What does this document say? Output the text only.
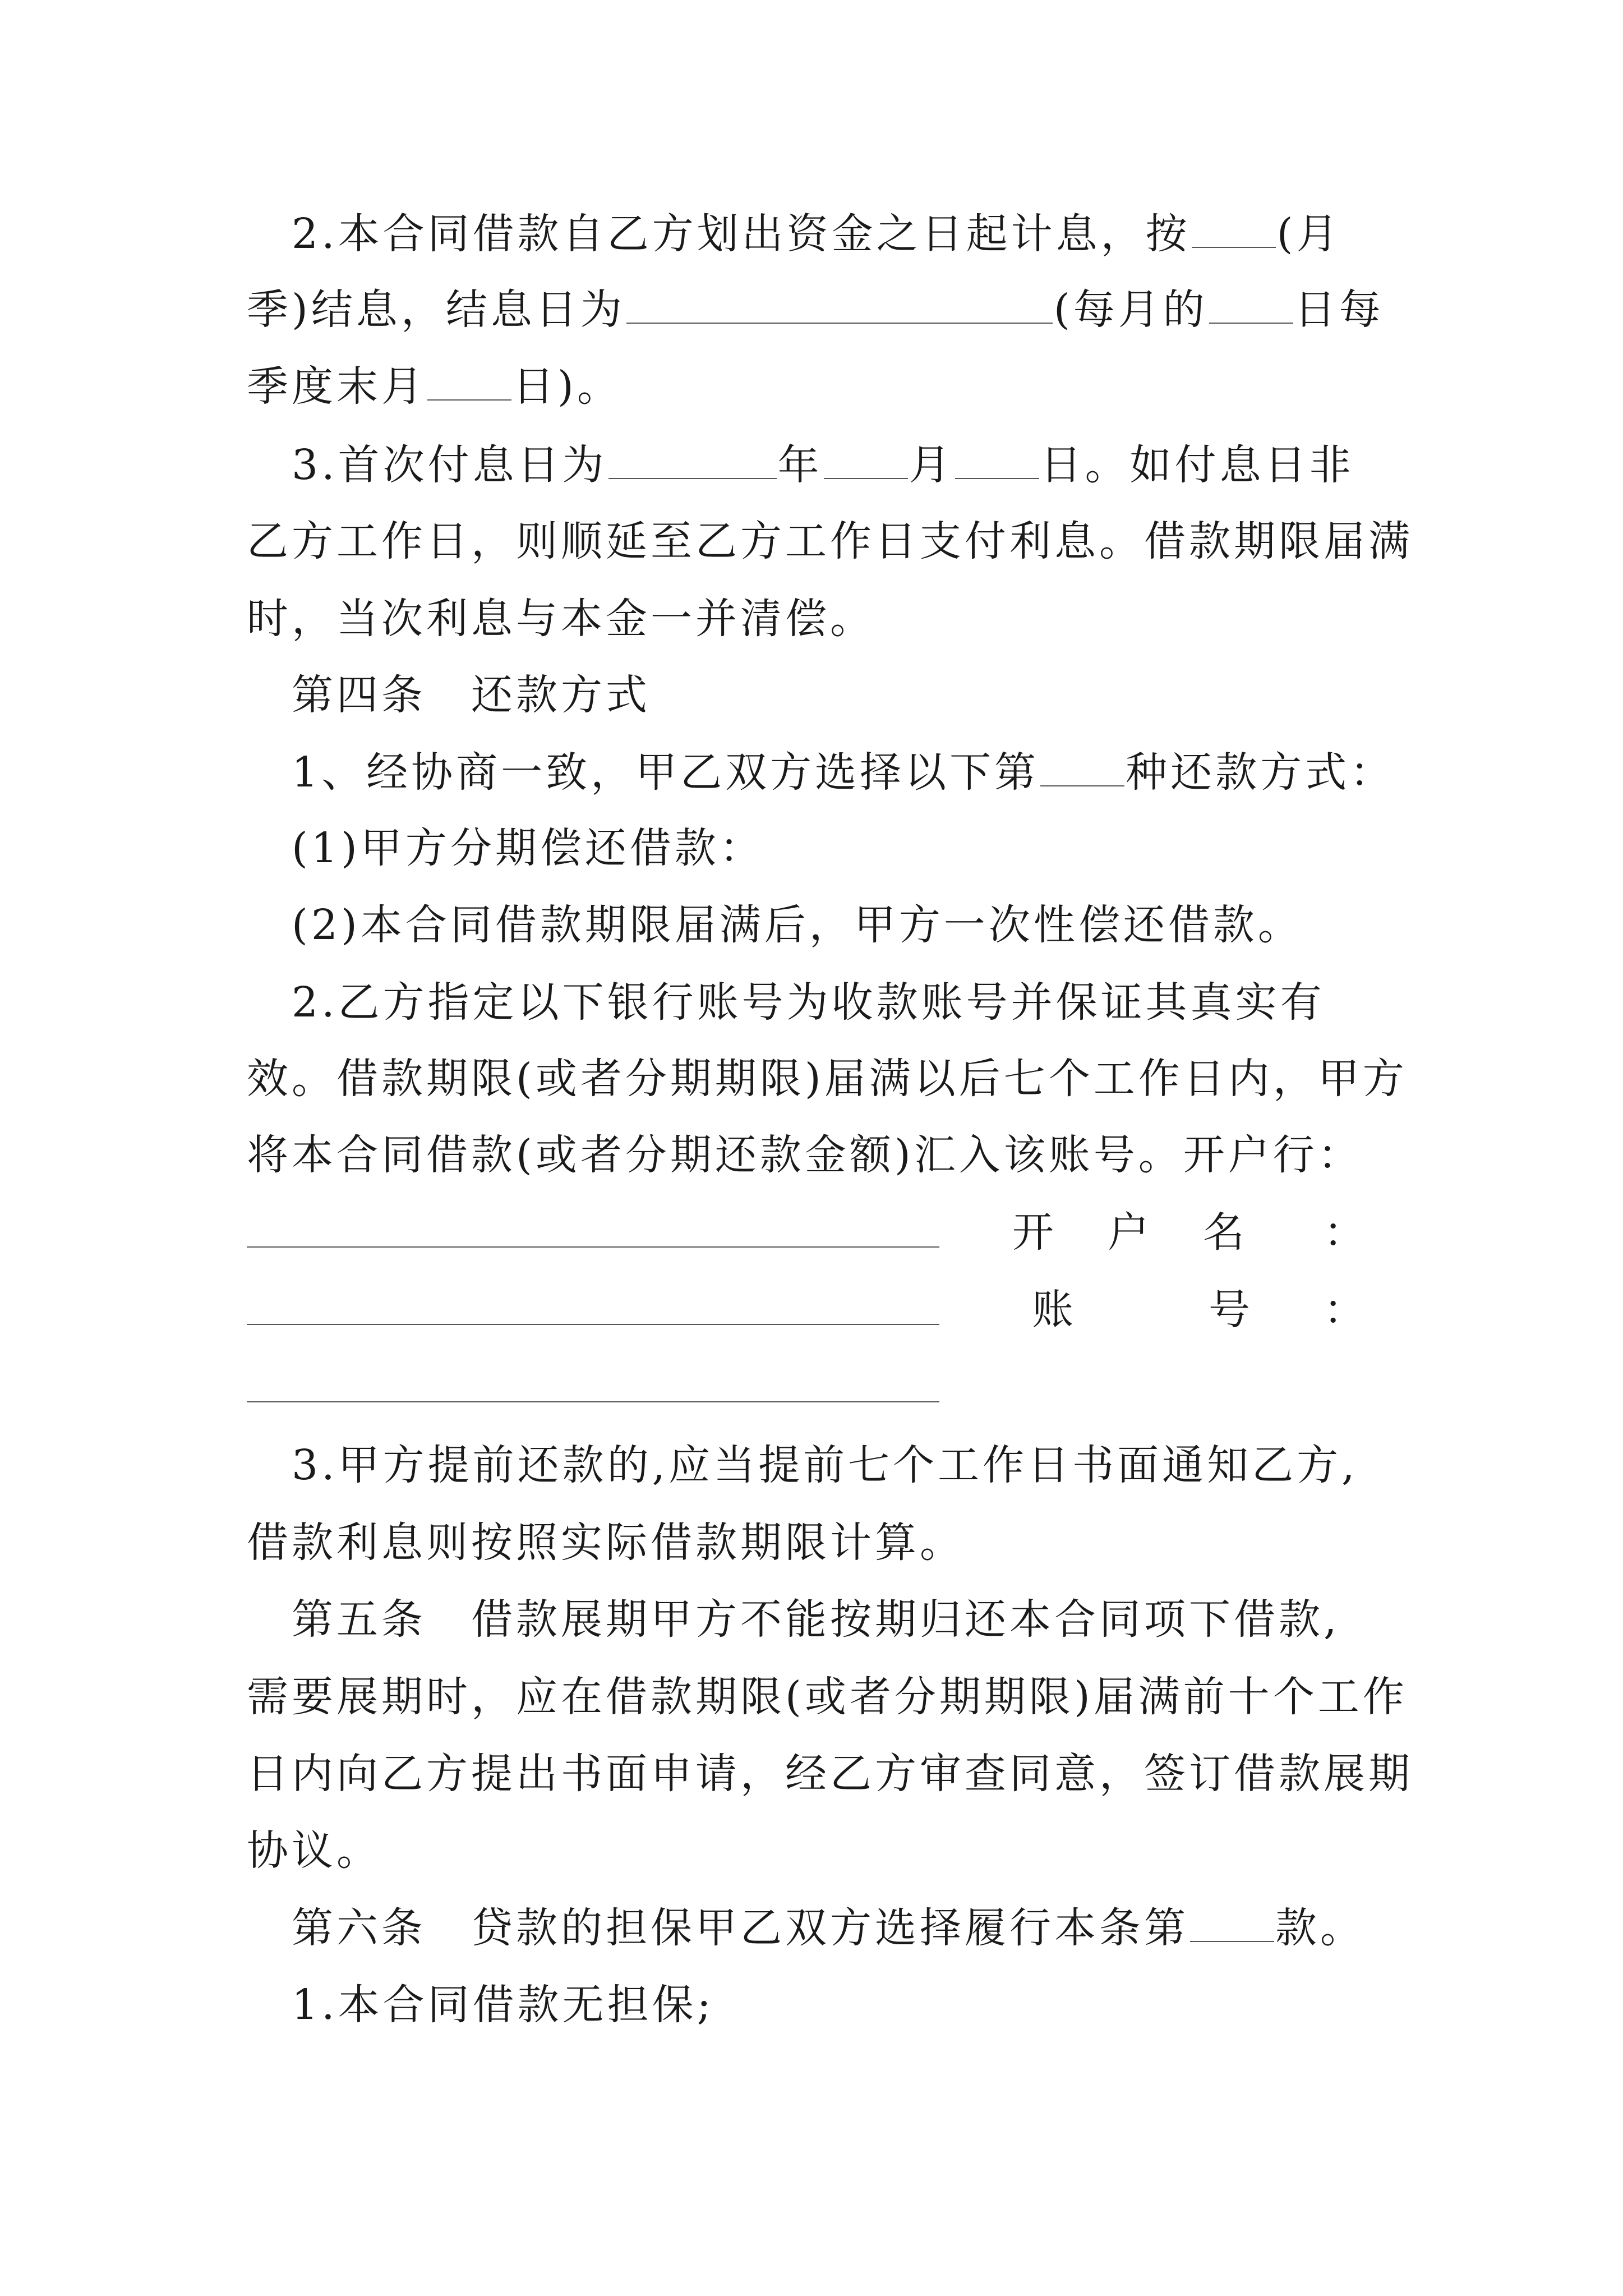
　2.本合同借款自乙方划出资金之日起计息，按 (月
季)结息，结息日为	(每月的 日每
季度末月 日)。
　3.首次付息日为	年 月 日。如付息日非
乙方工作日，则顺延至乙方工作日支付利息。借款期限届满
时，当次利息与本金一并清偿。
　第四条　还款方式
　1、经协商一致，甲乙双方选择以下第 种还款方式：
　(1)甲方分期偿还借款：
　(2)本合同借款期限届满后，甲方一次性偿还借款。
　2.乙方指定以下银行账号为收款账号并保证其真实有
效。借款期限(或者分期期限)届满以后七个工作日内，甲方
将本合同借款(或者分期还款金额)汇入该账号。开户行：
开 户 名 ：
账	号 ：
　3.甲方提前还款的,应当提前七个工作日书面通知乙方,
借款利息则按照实际借款期限计算。
　第五条　借款展期甲方不能按期归还本合同项下借款,
需要展期时，应在借款期限(或者分期期限)届满前十个工作
日内向乙方提出书面申请，经乙方审查同意，签订借款展期
协议。
　第六条　贷款的担保甲乙双方选择履行本条第 款。
　1.本合同借款无担保;
